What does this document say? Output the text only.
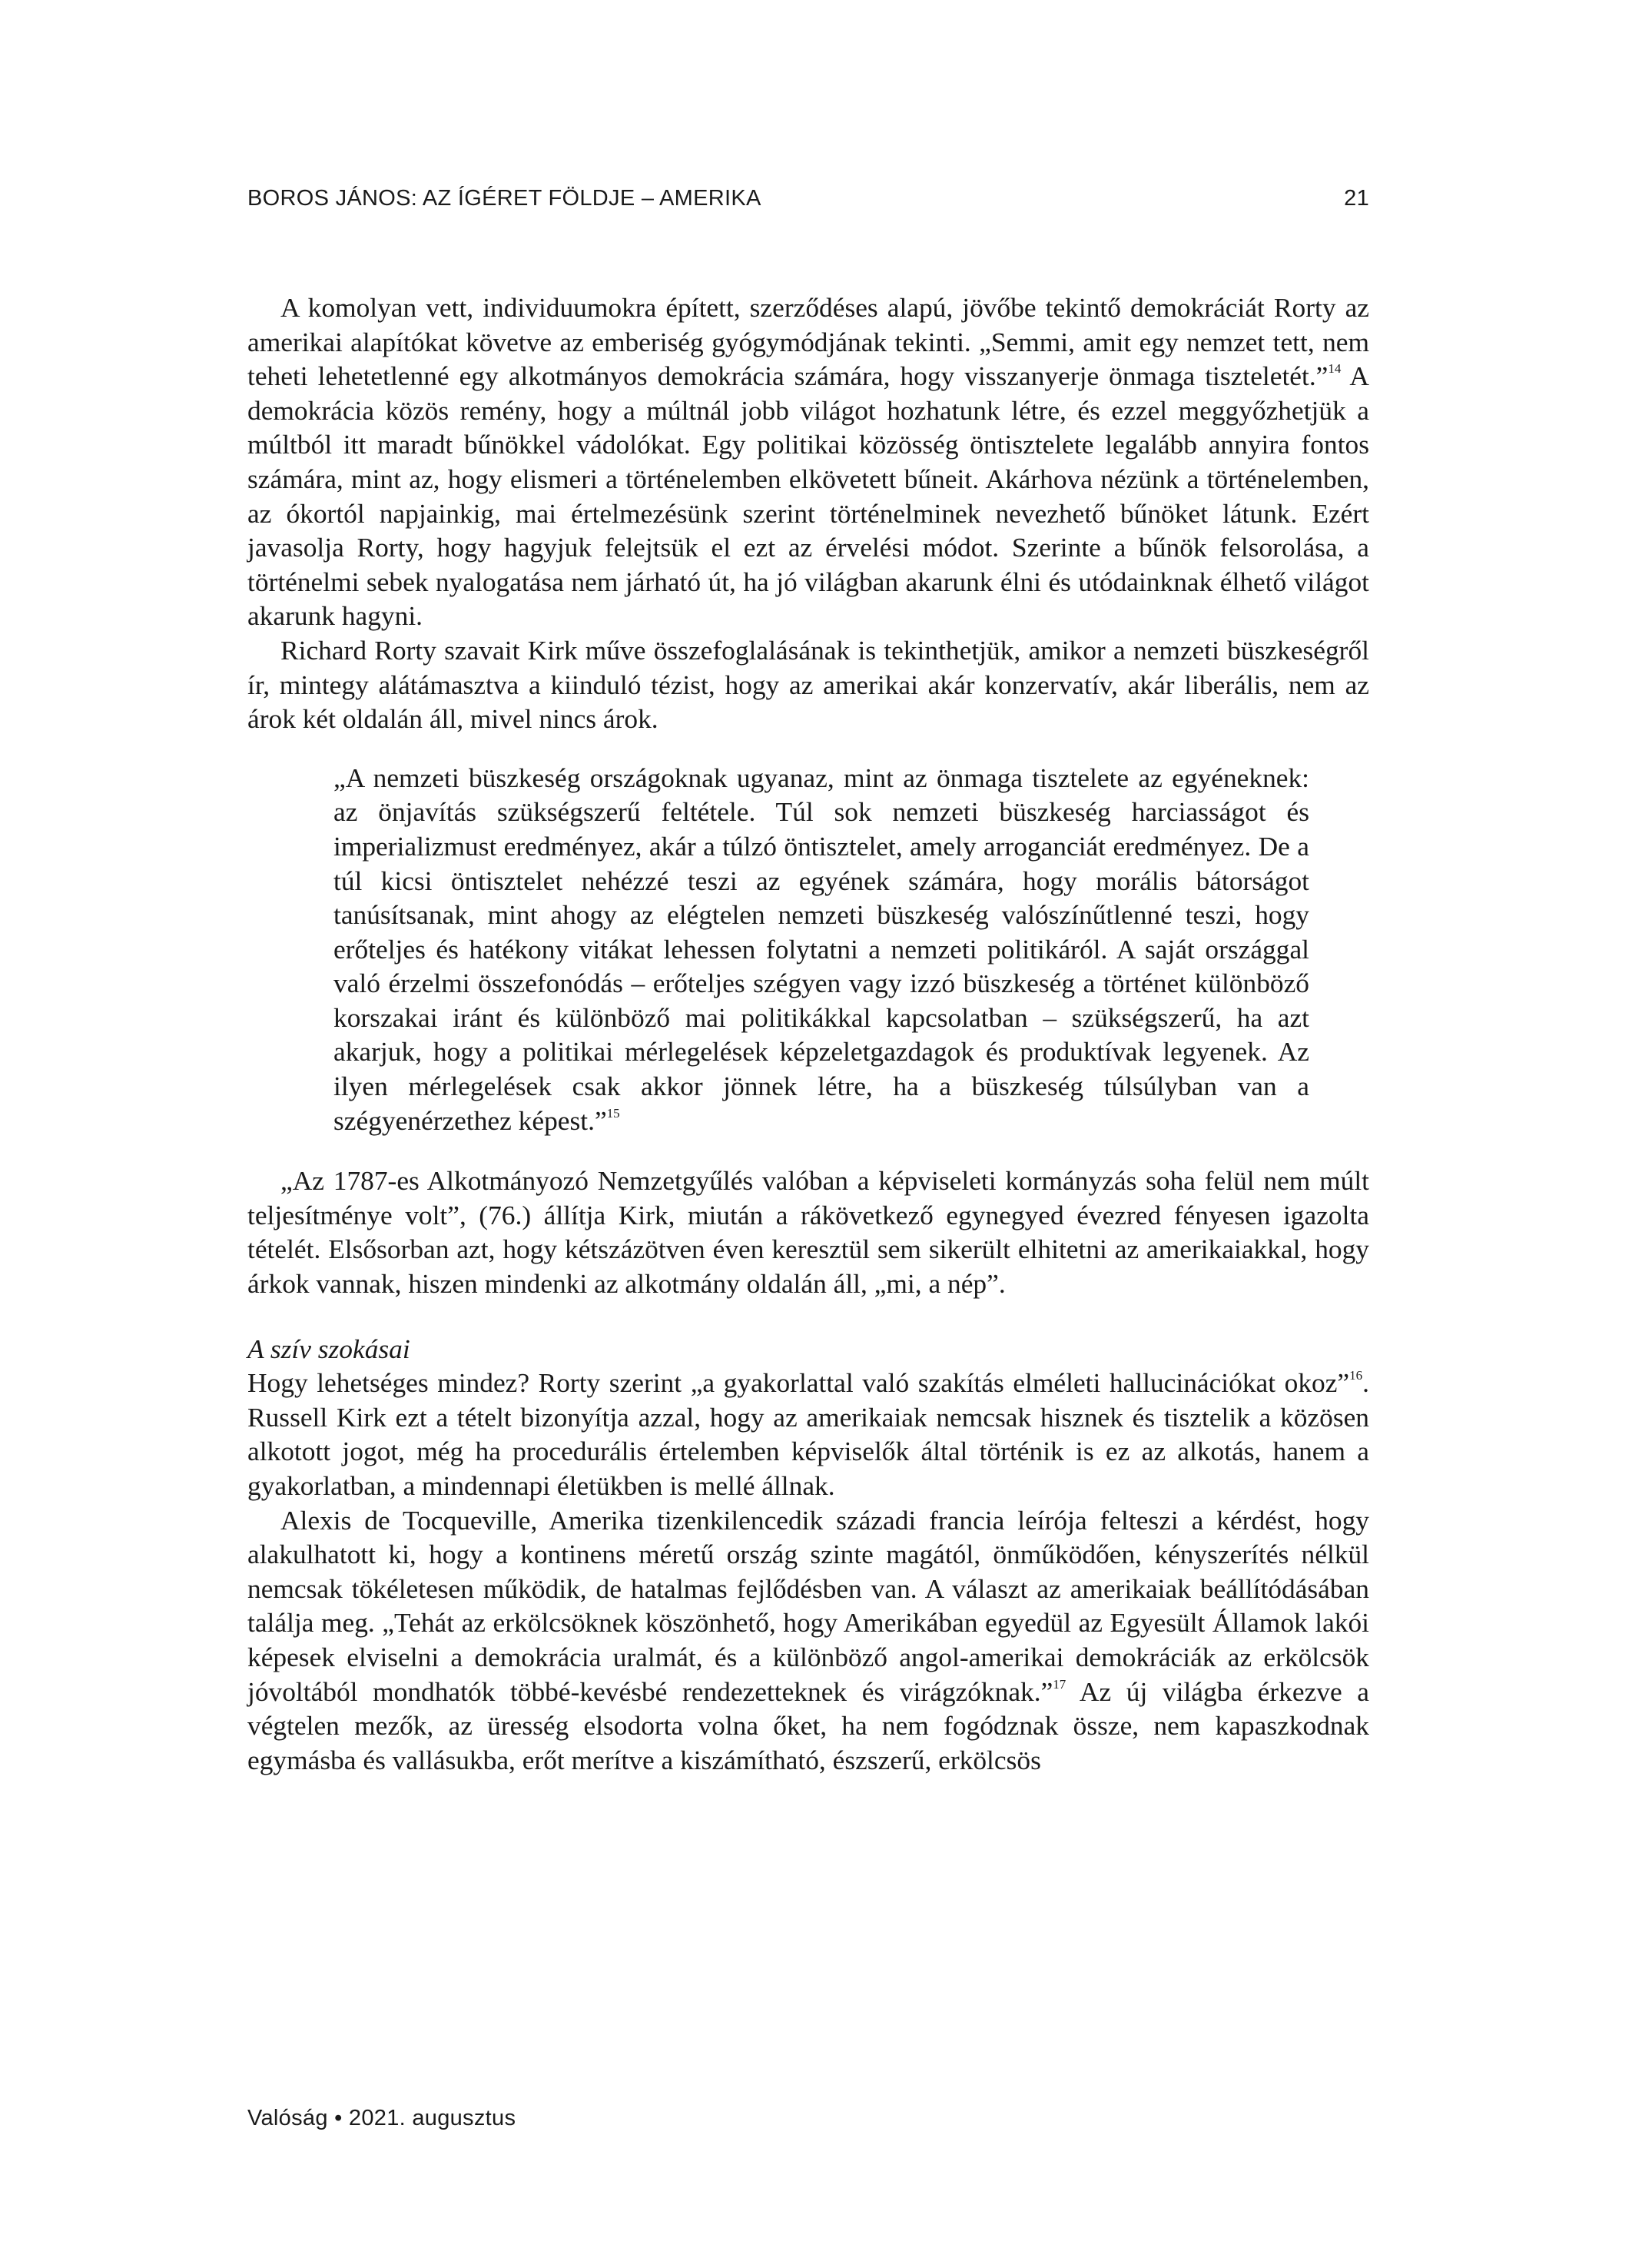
BOROS JÁNOS: AZ ÍGÉRET FÖLDJE – AMERIKA	21

A komolyan vett, individuumokra épített, szerződéses alapú, jövőbe tekintő demokráciát Rorty az amerikai alapítókat követve az emberiség gyógymódjának tekinti. „Semmi, amit egy nemzet tett, nem teheti lehetetlenné egy alkotmányos demokrácia számára, hogy visszanyerje önmaga tiszteletét.”$^{14}$ A demokrácia közös remény, hogy a múltnál jobb világot hozhatunk létre, és ezzel meggyőzhetjük a múltból itt maradt bűnökkel vádolókat. Egy politikai közösség öntisztelete legalább annyira fontos számára, mint az, hogy elismeri a történelemben elkövetett bűneit. Akárhova nézünk a történelemben, az ókortól napjainkig, mai értelmezésünk szerint történelminek nevezhető bűnöket látunk. Ezért javasolja Rorty, hogy hagyjuk felejtsük el ezt az érvelési módot. Szerinte a bűnök felsorolása, a történelmi sebek nyalogatása nem járható út, ha jó világban akarunk élni és utódainknak élhető világot akarunk hagyni.

Richard Rorty szavait Kirk műve összefoglalásának is tekinthetjük, amikor a nemzeti büszkeségről ír, mintegy alátámasztva a kiinduló tézist, hogy az amerikai akár konzervatív, akár liberális, nem az árok két oldalán áll, mivel nincs árok.

„A nemzeti büszkeség országoknak ugyanaz, mint az önmaga tisztelete az egyéneknek: az önjavítás szükségszerű feltétele. Túl sok nemzeti büszkeség harciasságot és imperializmust eredményez, akár a túlzó öntisztelet, amely arroganciát eredményez. De a túl kicsi öntisztelet nehézzé teszi az egyének számára, hogy morális bátorságot tanúsítsanak, mint ahogy az elégtelen nemzeti büszkeség valószínűtlenné teszi, hogy erőteljes és hatékony vitákat lehessen folytatni a nemzeti politikáról. A saját országgal való érzelmi összefonódás – erőteljes szégyen vagy izzó büszkeség a történet különböző korszakai iránt és különböző mai politikákkal kapcsolatban – szükségszerű, ha azt akarjuk, hogy a politikai mérlegelések képzeletgazdagok és produktívak legyenek. Az ilyen mérlegelések csak akkor jönnek létre, ha a büszkeség túlsúlyban van a szégyenérzethez képest.”$^{15}$

„Az 1787-es Alkotmányozó Nemzetgyűlés valóban a képviseleti kormányzás soha felül nem múlt teljesítménye volt”, (76.) állítja Kirk, miután a rákövetkező egynegyed évezred fényesen igazolta tételét. Elsősorban azt, hogy kétszázötven éven keresztül sem sikerült elhitetni az amerikaiakkal, hogy árkok vannak, hiszen mindenki az alkotmány oldalán áll, „mi, a nép”.

A szív szokásai

Hogy lehetséges mindez? Rorty szerint „a gyakorlattal való szakítás elméleti hallucinációkat okoz”$^{16}$. Russell Kirk ezt a tételt bizonyítja azzal, hogy az amerikaiak nemcsak hisznek és tisztelik a közösen alkotott jogot, még ha procedurális értelemben képviselők által történik is ez az alkotás, hanem a gyakorlatban, a mindennapi életükben is mellé állnak.

Alexis de Tocqueville, Amerika tizenkilencedik századi francia leírója felteszi a kérdést, hogy alakulhatott ki, hogy a kontinens méretű ország szinte magától, önműködően, kényszerítés nélkül nemcsak tökéletesen működik, de hatalmas fejlődésben van. A választ az amerikaiak beállítódásában találja meg. „Tehát az erkölcsöknek köszönhető, hogy Amerikában egyedül az Egyesült Államok lakói képesek elviselni a demokrácia uralmát, és a különböző angol-amerikai demokráciák az erkölcsök jóvoltából mondhatók többé-kevésbé rendezetteknek és virágzóknak.”$^{17}$ Az új világba érkezve a végtelen mezők, az üresség elsodorta volna őket, ha nem fogódznak össze, nem kapaszkodnak egymásba és vallásukba, erőt merítve a kiszámítható, észszerű, erkölcsös

Valóság • 2021. augusztus
